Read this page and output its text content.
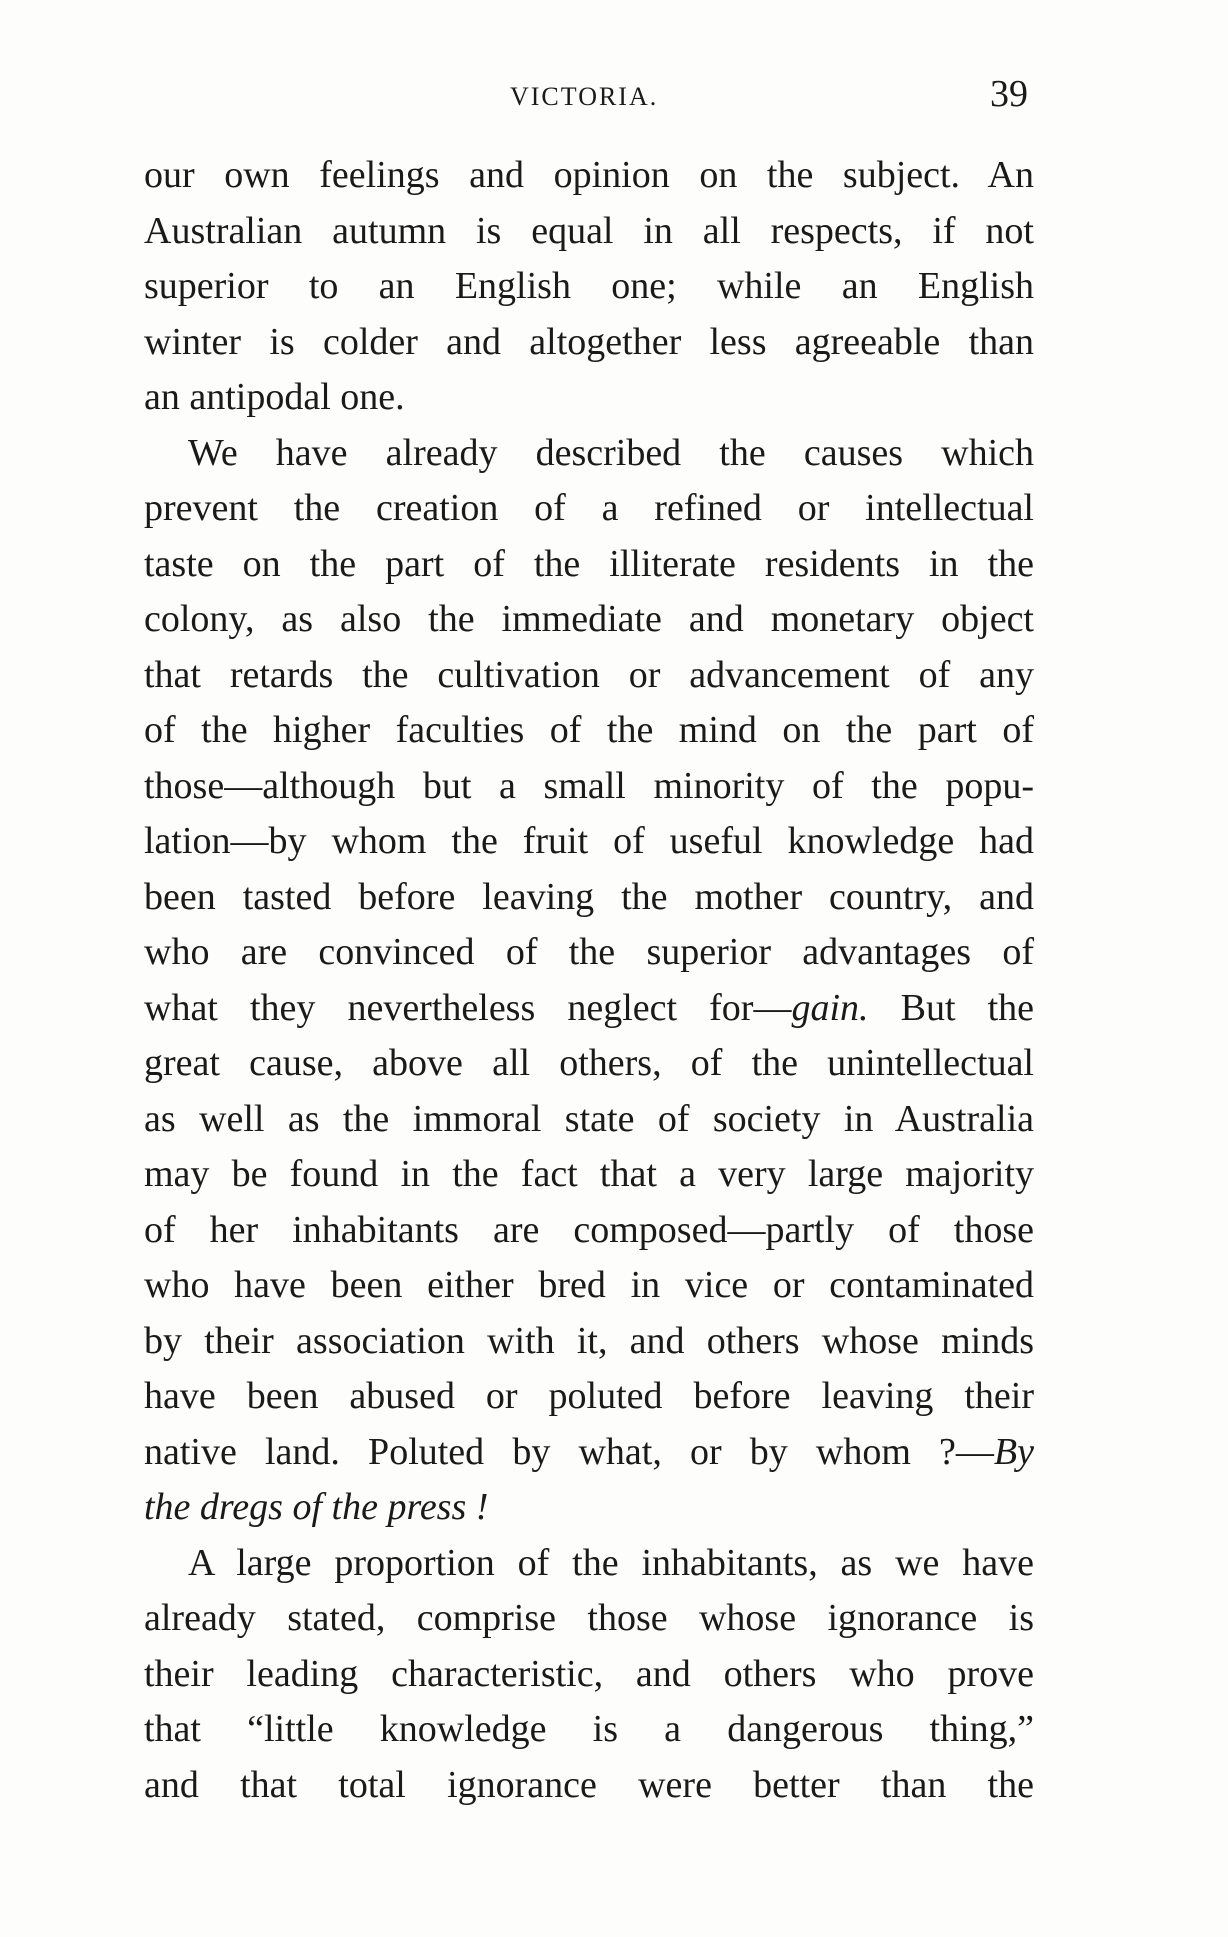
VICTORIA.	39
our own feelings and opinion on the subject. An
Australian autumn is equal in all respects, if not
superior to an English one; while an English
winter is colder and altogether less agreeable than
an antipodal one.
We have already described the causes which
prevent the creation of a refined or intellectual
taste on the part of the illiterate residents in the
colony, as also the immediate and monetary object
that retards the cultivation or advancement of any
of the higher faculties of the mind on the part of
those—although but a small minority of the popu-
lation—by whom the fruit of useful knowledge had
been tasted before leaving the mother country, and
who are convinced of the superior advantages of
what they nevertheless neglect for—gain. But the
great cause, above all others, of the unintellectual
as well as the immoral state of society in Australia
may be found in the fact that a very large majority
of her inhabitants are composed—partly of those
who have been either bred in vice or contaminated
by their association with it, and others whose minds
have been abused or poluted before leaving their
native land. Poluted by what, or by whom ?—By
the dregs of the press !
A large proportion of the inhabitants, as we have
already stated, comprise those whose ignorance is
their leading characteristic, and others who prove
that “little knowledge is a dangerous thing,”
and that total ignorance were better than the
